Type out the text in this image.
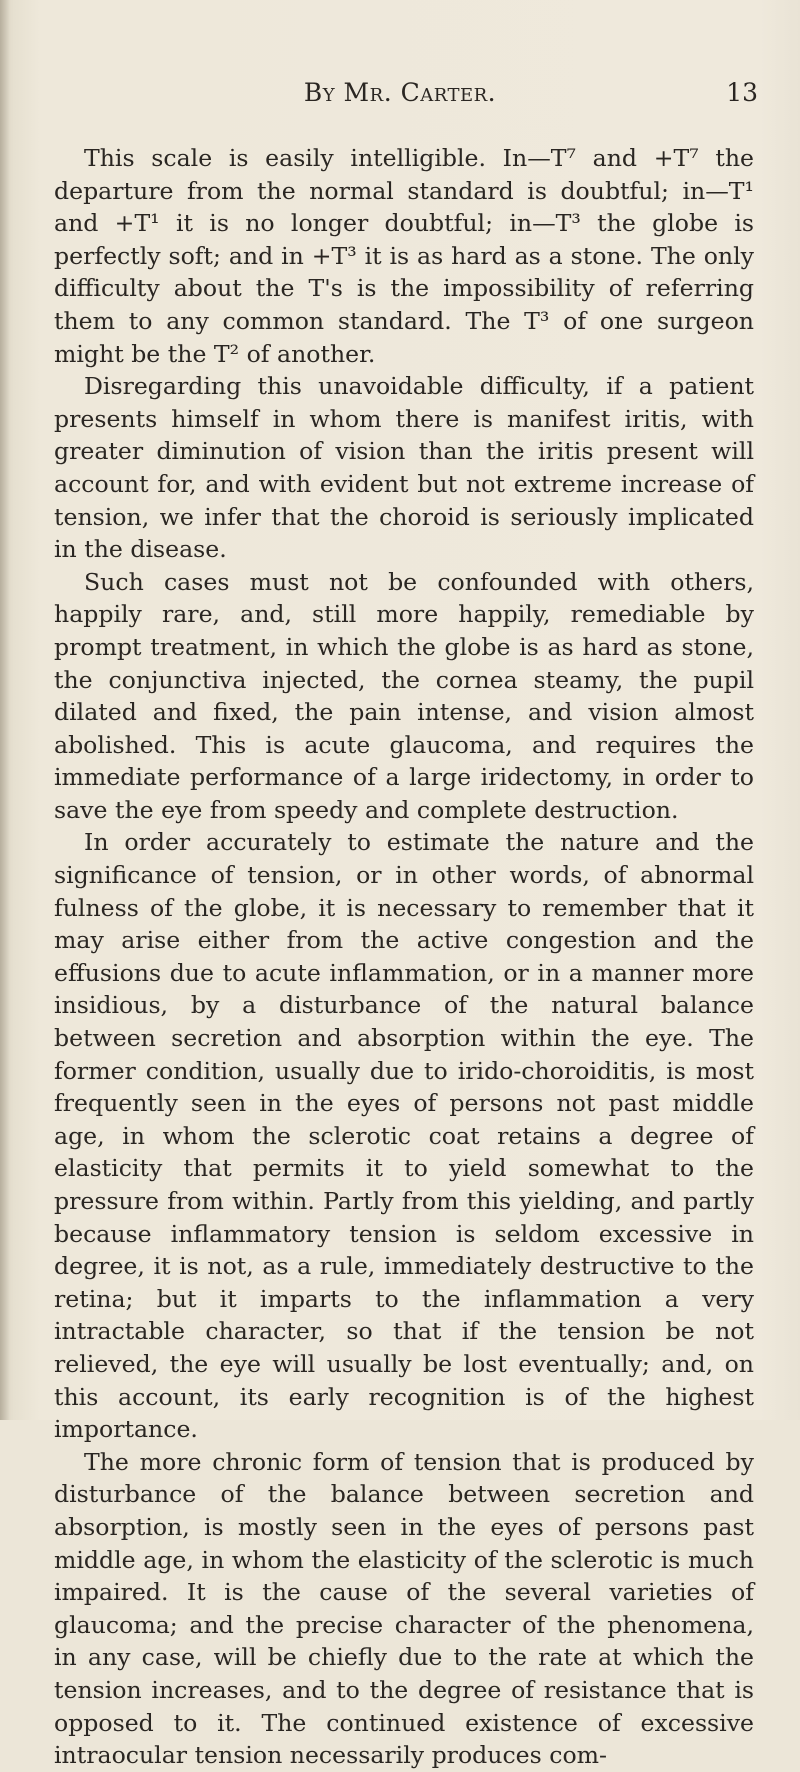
By Mr. Carter.	13

This scale is easily intelligible. In—T⁷ and +T⁷ the departure from the normal standard is doubtful; in—T¹ and +T¹ it is no longer doubtful; in—T³ the globe is perfectly soft; and in +T³ it is as hard as a stone. The only difficulty about the T's is the impossibility of referring them to any common standard. The T³ of one surgeon might be the T² of another.

Disregarding this unavoidable difficulty, if a patient presents himself in whom there is manifest iritis, with greater diminution of vision than the iritis present will account for, and with evident but not extreme increase of tension, we infer that the choroid is seriously implicated in the disease.

Such cases must not be confounded with others, happily rare, and, still more happily, remediable by prompt treatment, in which the globe is as hard as stone, the conjunctiva injected, the cornea steamy, the pupil dilated and fixed, the pain intense, and vision almost abolished. This is acute glaucoma, and requires the immediate performance of a large iridectomy, in order to save the eye from speedy and complete destruction.

In order accurately to estimate the nature and the significance of tension, or in other words, of abnormal fulness of the globe, it is necessary to remember that it may arise either from the active congestion and the effusions due to acute inflammation, or in a manner more insidious, by a disturbance of the natural balance between secretion and absorption within the eye. The former condition, usually due to irido-choroiditis, is most frequently seen in the eyes of persons not past middle age, in whom the sclerotic coat retains a degree of elasticity that permits it to yield somewhat to the pressure from within. Partly from this yielding, and partly because inflammatory tension is seldom excessive in degree, it is not, as a rule, immediately destructive to the retina; but it imparts to the inflammation a very intractable character, so that if the tension be not relieved, the eye will usually be lost eventually; and, on this account, its early recognition is of the highest importance.

The more chronic form of tension that is produced by disturbance of the balance between secretion and absorption, is mostly seen in the eyes of persons past middle age, in whom the elasticity of the sclerotic is much impaired. It is the cause of the several varieties of glaucoma; and the precise character of the phenomena, in any case, will be chiefly due to the rate at which the tension increases, and to the degree of resistance that is opposed to it. The continued existence of excessive intraocular tension necessarily produces com-
